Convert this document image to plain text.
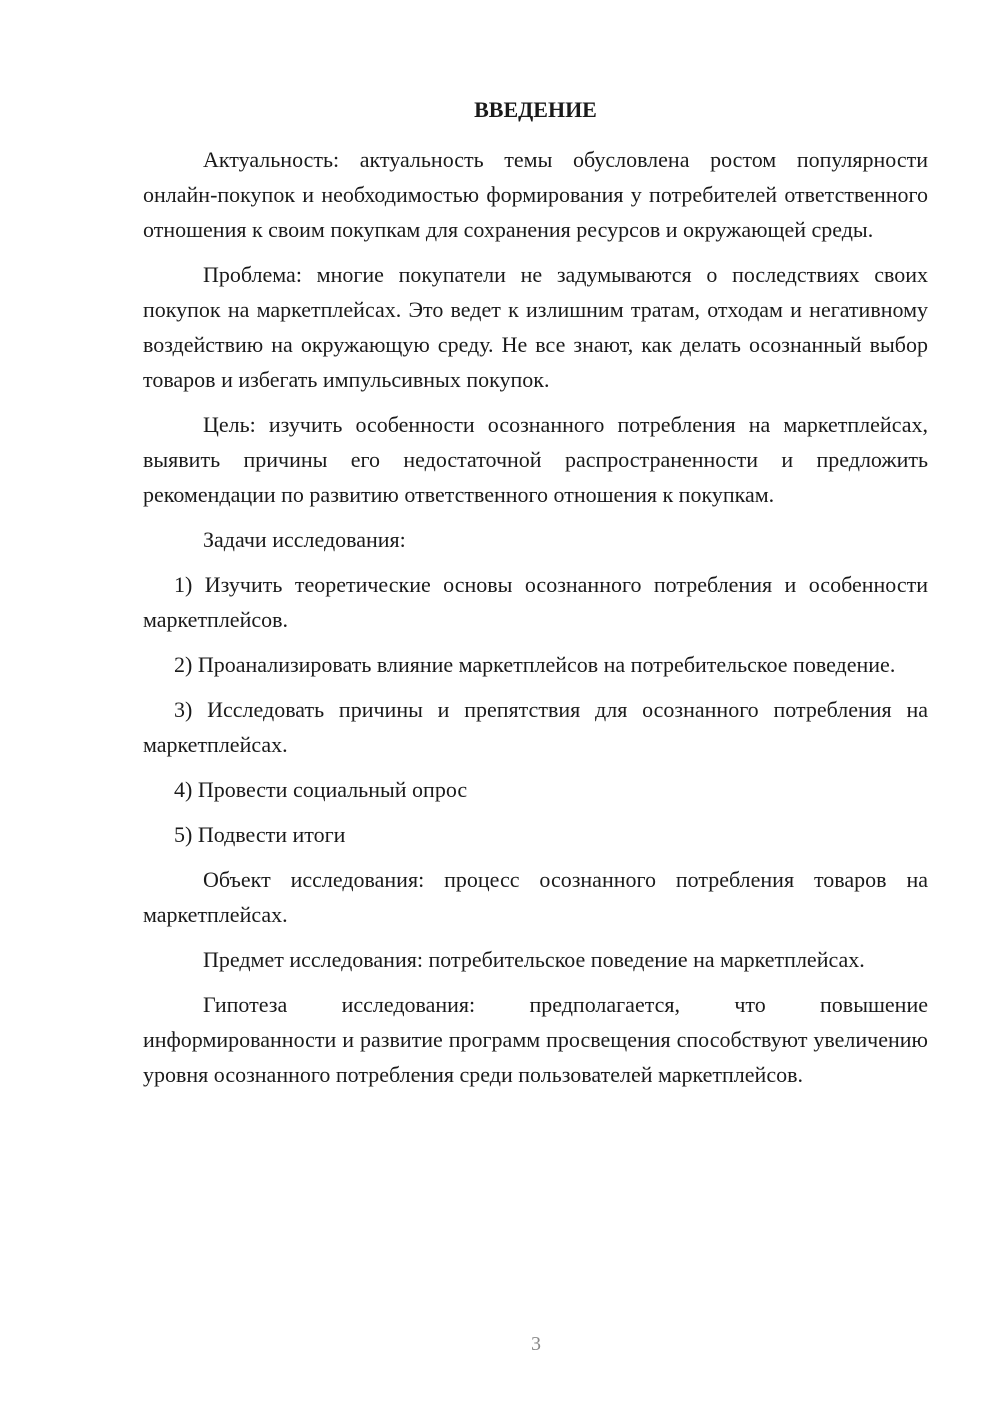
ВВЕДЕНИЕ

Актуальность: актуальность темы обусловлена ростом популярности онлайн-покупок и необходимостью формирования у потребителей ответственного отношения к своим покупкам для сохранения ресурсов и окружающей среды.

Проблема: многие покупатели не задумываются о последствиях своих покупок на маркетплейсах. Это ведет к излишним тратам, отходам и негативному воздействию на окружающую среду. Не все знают, как делать осознанный выбор товаров и избегать импульсивных покупок.

Цель: изучить особенности осознанного потребления на маркетплейсах, выявить причины его недостаточной распространенности и предложить рекомендации по развитию ответственного отношения к покупкам.

Задачи исследования:

1) Изучить теоретические основы осознанного потребления и особенности маркетплейсов.

2) Проанализировать влияние маркетплейсов на потребительское поведение.

3) Исследовать причины и препятствия для осознанного потребления на маркетплейсах.

4) Провести социальный опрос

5) Подвести итоги

Объект исследования: процесс осознанного потребления товаров на маркетплейсах.

Предмет исследования: потребительское поведение на маркетплейсах.

Гипотеза исследования: предполагается, что повышение информированности и развитие программ просвещения способствуют увеличению уровня осознанного потребления среди пользователей маркетплейсов.

3
